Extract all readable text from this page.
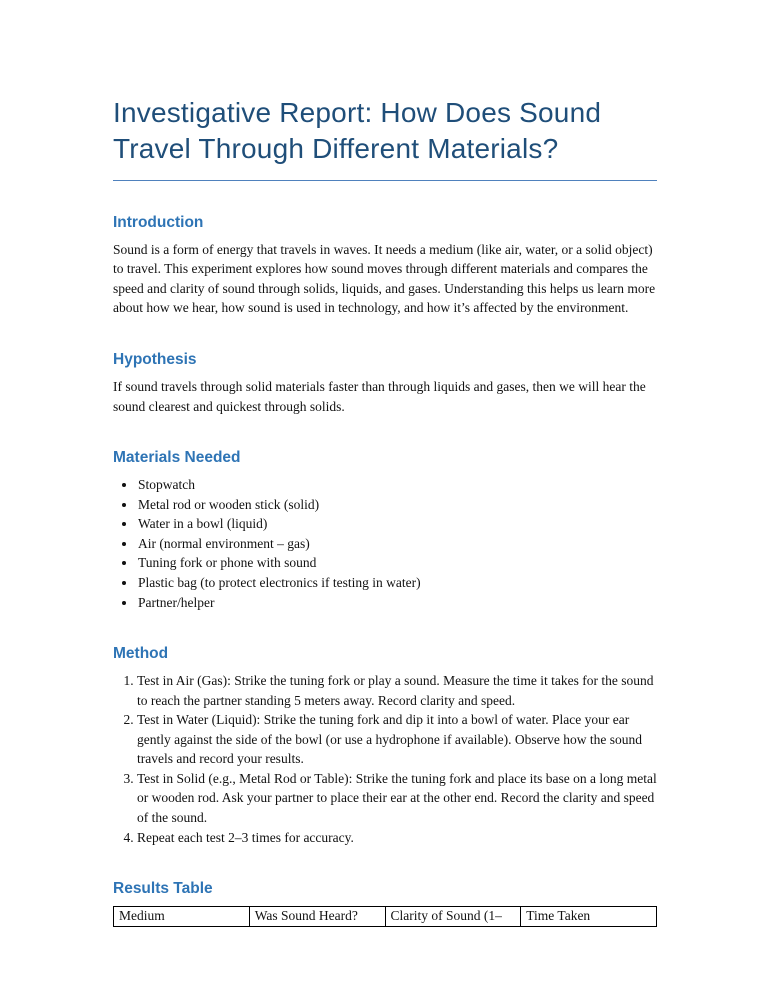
Investigative Report: How Does Sound Travel Through Different Materials?
Introduction

Sound is a form of energy that travels in waves. It needs a medium (like air, water, or a solid object) to travel. This experiment explores how sound moves through different materials and compares the speed and clarity of sound through solids, liquids, and gases. Understanding this helps us learn more about how we hear, how sound is used in technology, and how it’s affected by the environment.

Hypothesis

If sound travels through solid materials faster than through liquids and gases, then we will hear the sound clearest and quickest through solids.

Materials Needed
• Stopwatch
• Metal rod or wooden stick (solid)
• Water in a bowl (liquid)
• Air (normal environment – gas)
• Tuning fork or phone with sound
• Plastic bag (to protect electronics if testing in water)
• Partner/helper
Method
1. Test in Air (Gas): Strike the tuning fork or play a sound. Measure the time it takes for the sound to reach the partner standing 5 meters away. Record clarity and speed.
2. Test in Water (Liquid): Strike the tuning fork and dip it into a bowl of water. Place your ear gently against the side of the bowl (or use a hydrophone if available). Observe how the sound travels and record your results.
3. Test in Solid (e.g., Metal Rod or Table): Strike the tuning fork and place its base on a long metal or wooden rod. Ask your partner to place their ear at the other end. Record the clarity and speed of the sound.
4. Repeat each test 2–3 times for accuracy.
Results Table
Medium	Was Sound Heard?	Clarity of Sound (1–	Time Taken
